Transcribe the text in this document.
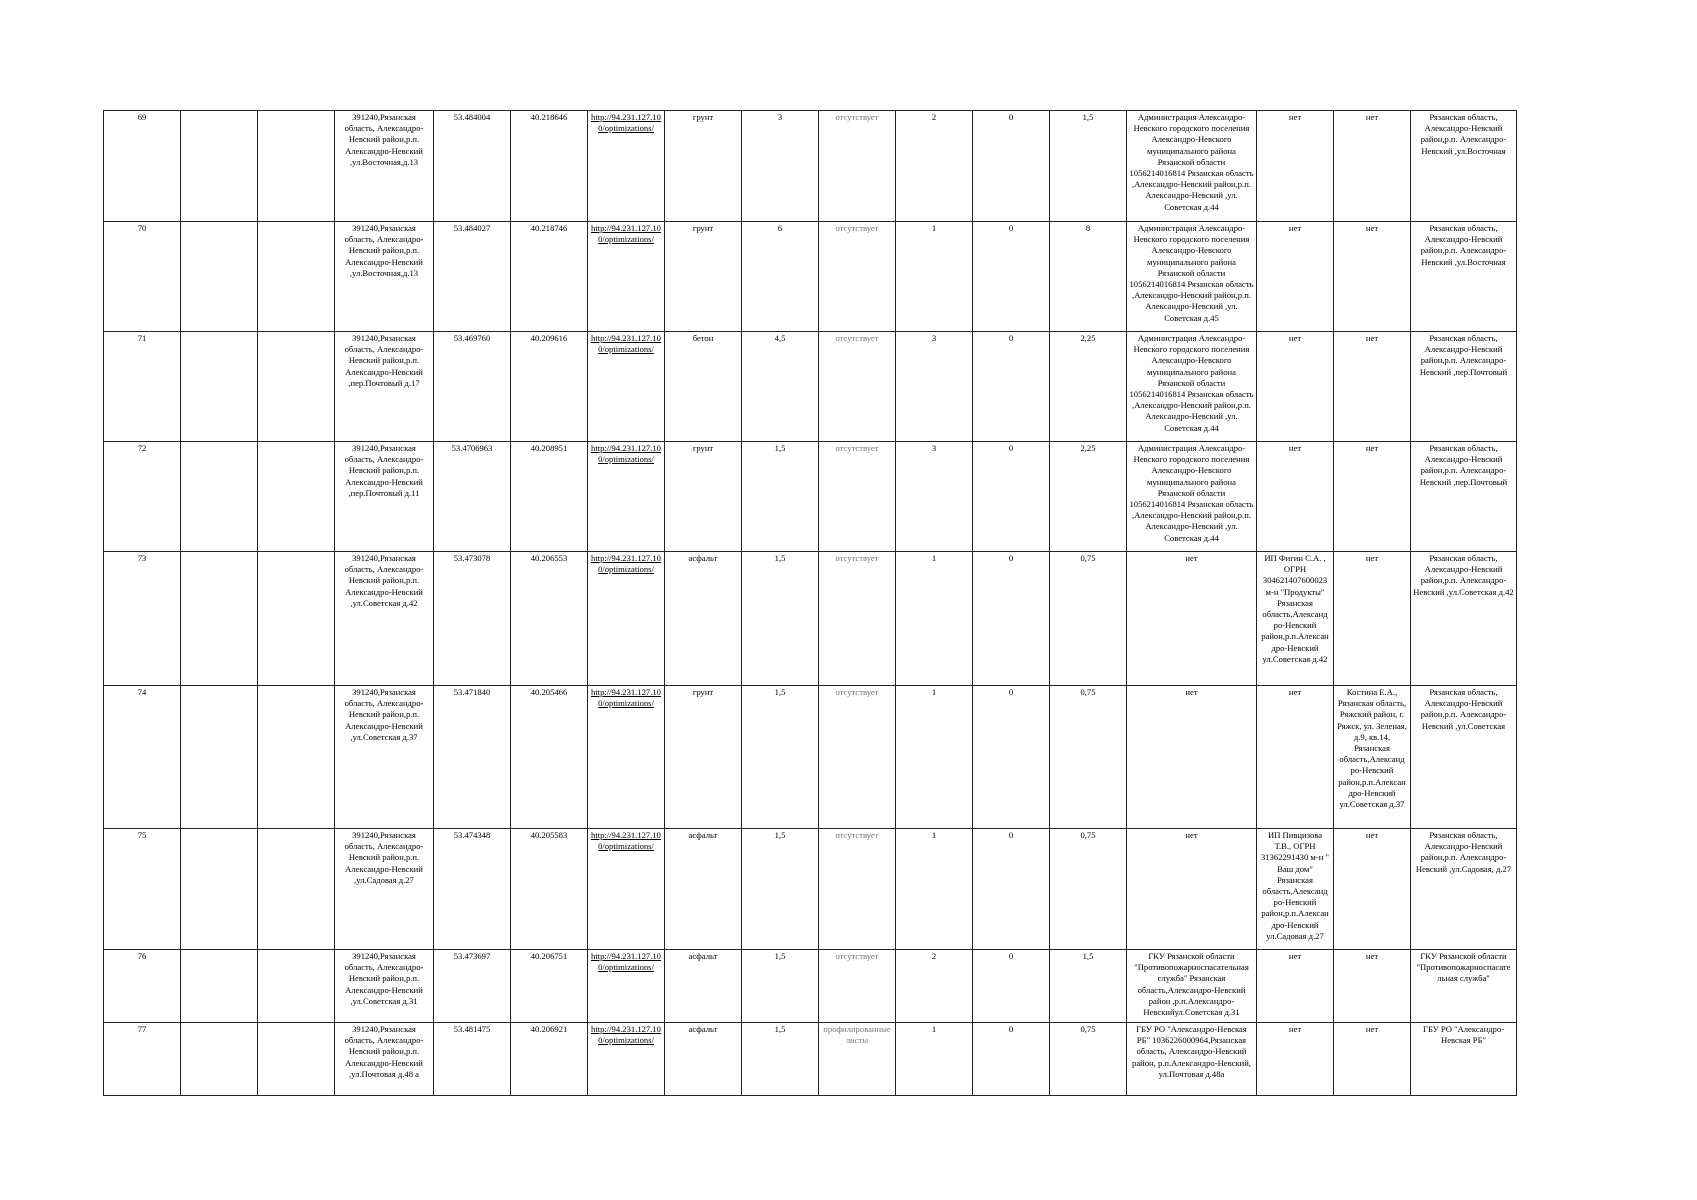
69			391240,Рязанская область, Александро-Невский район,р.п. Александро-Невский ,ул.Восточная,д.13	53.484004	40.218646	http://94.231.127.10 0/optimizations/	грунт	3	отсутствует	2	0	1,5	Администрация Александро-Невского городского поселения Александро-Невского муниципального района Рязанской области 1056214016814 Рязанская область ,Александро-Невский район,р.п. Александро-Невский ,ул. Советская д.44	нет	нет	Рязанская область, Александро-Невский район,р.п. Александро-Невский ,ул.Восточная
70			391240,Рязанская область, Александро-Невский район,р.п. Александро-Невский ,ул.Восточная,д.13	53.484027	40.218746	http://94.231.127.10 0/optimizations/	грунт	6	отсутствует	1	0	8	Администрация Александро-Невского городского поселения Александро-Невского муниципального района Рязанской области 1056214016814 Рязанская область ,Александро-Невский район,р.п. Александро-Невский ,ул. Советская д.45	нет	нет	Рязанская область, Александро-Невский район,р.п. Александро-Невский ,ул.Восточная
71			391240,Рязанская область, Александро-Невский район,р.п. Александро-Невский ,пер.Почтовый д.17	53.469760	40.209616	http://94.231.127.10 0/optimizations/	бетон	4,5	отсутствует	3	0	2,25	Администрация Александро-Невского городского поселения Александро-Невского муниципального района Рязанской области 1056214016814 Рязанская область ,Александро-Невский район,р.п. Александро-Невский ,ул. Советская д.44	нет	нет	Рязанская область, Александро-Невский район,р.п. Александро-Невский ,пер.Почтовый
72			391240,Рязанская область, Александро-Невский район,р.п. Александро-Невский ,пер.Почтовый д.11	53.4706963	40.208951	http://94.231.127.10 0/optimizations/	грунт	1,5	отсутствует	3	0	2,25	Администрация Александро-Невского городского поселения Александро-Невского муниципального района Рязанской области 1056214016814 Рязанская область ,Александро-Невский район,р.п. Александро-Невский ,ул. Советская д.44	нет	нет	Рязанская область, Александро-Невский район,р.п. Александро-Невский ,пер.Почтовый
73			391240,Рязанская область, Александро-Невский район,р.п. Александро-Невский ,ул.Советская д.42	53.473078	40.206553	http://94.231.127.10 0/optimizations/	асфальт	1,5	отсутствует	1	0	0,75	нет	ИП Фигин С.А. , ОГРН 304621407600023 м-н "Продукты" Рязанская область,Александ ро-Невский район,р.п.Алексан дро-Невский ул.Советская д.42	нет	Рязанская область, Александро-Невский район,р.п. Александро-Невский ,ул.Советская д.42
74			391240,Рязанская область, Александро-Невский район,р.п. Александро-Невский ,ул.Советская д.37	53.471840	40.205466	http://94.231.127.10 0/optimizations/	грунт	1,5	отсутствует	1	0	0,75	нет	нет	Костина Е.А., Рязанская область, Ряжский район, г. Ряжск, ул. Зеленая, д.9, кв.14, Рязанская область,Александ ро-Невский район,р.п.Алексан дро-Невский ул.Советская д.37	Рязанская область, Александро-Невский район,р.п. Александро-Невский ,ул.Советская
75			391240,Рязанская область, Александро-Невский район,р.п. Александро-Невский ,ул.Садовая д.27	53.474348	40.205583	http://94.231.127.10 0/optimizations/	асфальт	1,5	отсутствует	1	0	0,75	нет	ИП Пивцизова Т.В., ОГРН 31362291430 м-н " Ваш дом" Рязанская область,Александ ро-Невский район,р.п.Алексан дро-Невский ул.Садовая д.27	нет	Рязанская область, Александро-Невский район,р.п. Александро-Невский ,ул.Садовая, д.27
76			391240,Рязанская область, Александро-Невский район,р.п. Александро-Невский ,ул.Советская д.31	53.473697	40.206751	http://94.231.127.10 0/optimizations/	асфальт	1,5	отсутствует	2	0	1,5	ГКУ Рязанской области "Противопожарноспасательная служба" Рязанская область,Александро-Невский район ,р.п.Александро-Невскийул.Советская д.31	нет	нет	ГКУ Рязанской области "Противопожарноспасате льная служба"
77			391240,Рязанская область, Александро-Невский район,р.п. Александро-Невский ,ул.Почтовая д.48 а	53.481475	40.206921	http://94.231.127.10 0/optimizations/	асфальт	1,5	профилированные листы	1	0	0,75	ГБУ РО "Александро-Невская РБ" 1036226000964,Рязанская область, Александро-Невский район, р.п.Александро-Невский, ул.Почтовая д.48а	нет	нет	ГБУ РО "Александро-Невская РБ"
